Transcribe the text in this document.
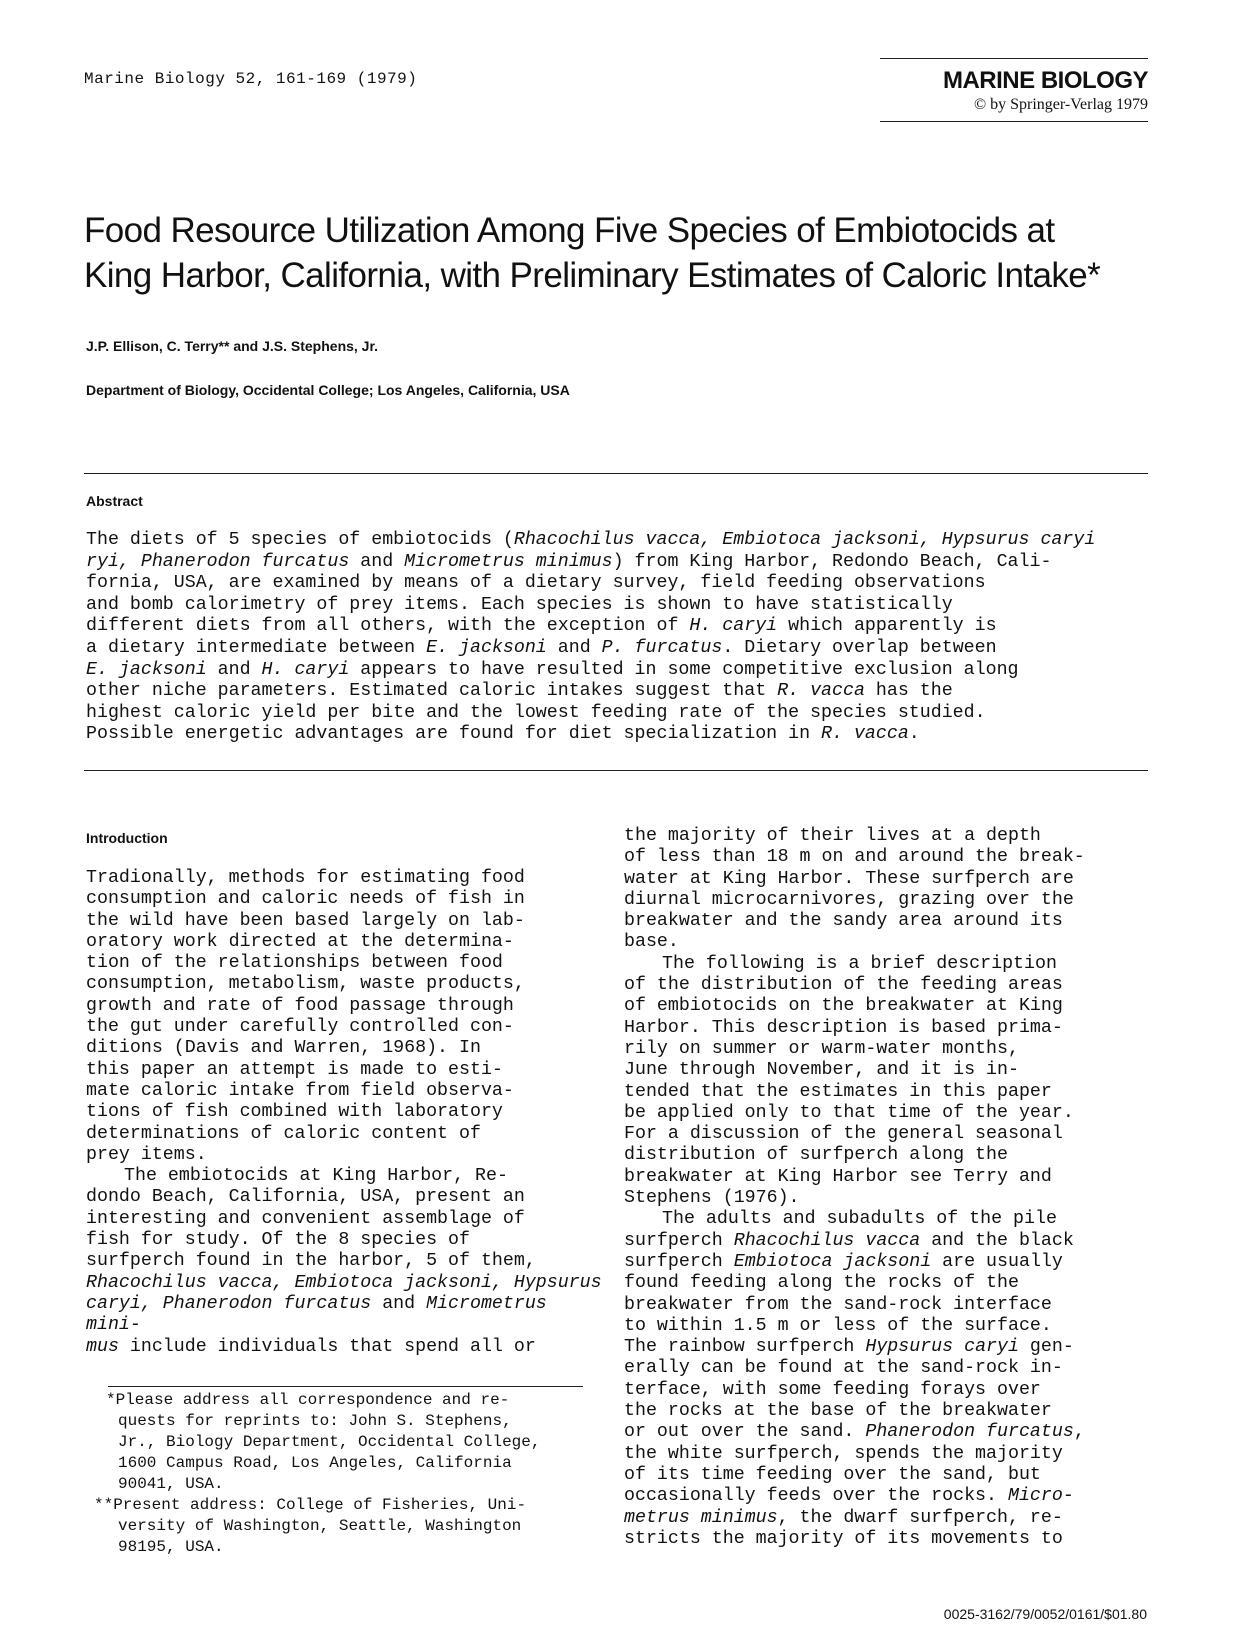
Marine Biology 52, 161-169 (1979)	MARINE BIOLOGY
© by Springer-Verlag 1979
Food Resource Utilization Among Five Species of Embiotocids at
King Harbor, California, with Preliminary Estimates of Caloric Intake*
J.P. Ellison, C. Terry** and J.S. Stephens, Jr.
Department of Biology, Occidental College; Los Angeles, California, USA
Abstract
The diets of 5 species of embiotocids (Rhacochilus vacca, Embiotoca jacksoni, Hypsurus caryi
ryi, Phanerodon furcatus and Micrometrus minimus) from King Harbor, Redondo Beach, Cali-
fornia, USA, are examined by means of a dietary survey, field feeding observations
and bomb calorimetry of prey items. Each species is shown to have statistically
different diets from all others, with the exception of H. caryi which apparently is
a dietary intermediate between E. jacksoni and P. furcatus. Dietary overlap between
E. jacksoni and H. caryi appears to have resulted in some competitive exclusion along
other niche parameters. Estimated caloric intakes suggest that R. vacca has the
highest caloric yield per bite and the lowest feeding rate of the species studied.
Possible energetic advantages are found for diet specialization in R. vacca.
Introduction

Tradionally, methods for estimating food
consumption and caloric needs of fish in
the wild have been based largely on lab-
oratory work directed at the determina-
tion of the relationships between food
consumption, metabolism, waste products,
growth and rate of food passage through
the gut under carefully controlled con-
ditions (Davis and Warren, 1968). In
this paper an attempt is made to esti-
mate caloric intake from field observa-
tions of fish combined with laboratory
determinations of caloric content of
prey items.

The embiotocids at King Harbor, Re-
dondo Beach, California, USA, present an
interesting and convenient assemblage of
fish for study. Of the 8 species of
surfperch found in the harbor, 5 of them,
Rhacochilus vacca, Embiotoca jacksoni, Hypsurus
caryi, Phanerodon furcatus and Micrometrus mini-
mus include individuals that spend all or

the majority of their lives at a depth
of less than 18 m on and around the break-
water at King Harbor. These surfperch are
diurnal microcarnivores, grazing over the
breakwater and the sandy area around its
base.

The following is a brief description
of the distribution of the feeding areas
of embiotocids on the breakwater at King
Harbor. This description is based prima-
rily on summer or warm-water months,
June through November, and it is in-
tended that the estimates in this paper
be applied only to that time of the year.
For a discussion of the general seasonal
distribution of surfperch along the
breakwater at King Harbor see Terry and
Stephens (1976).

The adults and subadults of the pile
surfperch Rhacochilus vacca and the black
surfperch Embiotoca jacksoni are usually
found feeding along the rocks of the
breakwater from the sand-rock interface
to within 1.5 m or less of the surface.
The rainbow surfperch Hypsurus caryi gen-
erally can be found at the sand-rock in-
terface, with some feeding forays over
the rocks at the base of the breakwater
or out over the sand. Phanerodon furcatus,
the white surfperch, spends the majority
of its time feeding over the sand, but
occasionally feeds over the rocks. Micro-
metrus minimus, the dwarf surfperch, re-
stricts the majority of its movements to

*Please address all correspondence and re-
quests for reprints to: John S. Stephens,
Jr., Biology Department, Occidental College,
1600 Campus Road, Los Angeles, California
90041, USA.
**Present address: College of Fisheries, Uni-
versity of Washington, Seattle, Washington
98195, USA.
0025-3162/79/0052/0161/$01.80
